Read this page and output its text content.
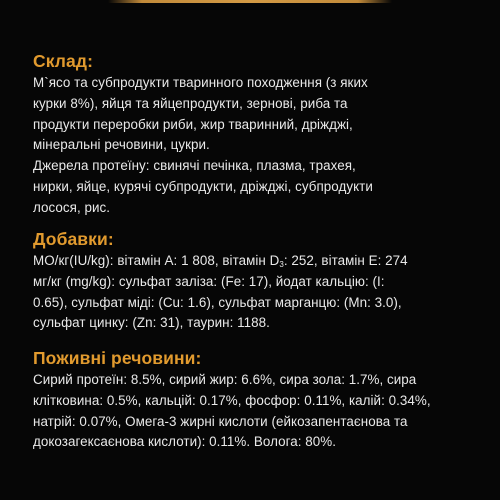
Склад:
М`ясо та субпродукти тваринного походження (з яких
курки 8%), яйця та яйцепродукти, зернові, риба та
продукти переробки риби, жир тваринний, дріжджі,
мінеральні речовини, цукри.
Джерела протеїну: свинячі печінка, плазма, трахея,
нирки, яйце, курячі субпродукти, дріжджі, субпродукти
лосося, рис.
Добавки:
МО/кг(IU/kg): вітамін А: 1 808, вітамін $D_3$: 252, вітамін Е: 274
мг/кг (mg/kg): сульфат заліза: (Fe: 17), йодат кальцію: (I:
0.65), сульфат міді: (Cu: 1.6), сульфат марганцю: (Mn: 3.0),
сульфат цинку: (Zn: 31), таурин: 1188.
Поживні речовини:
Сирий протеїн: 8.5%, сирий жир: 6.6%, сира зола: 1.7%, сира
клітковина: 0.5%, кальцій: 0.17%, фосфор: 0.11%, калій: 0.34%,
натрій: 0.07%, Омега-3 жирні кислоти (ейкозапентаєнова та
докозагексаєнова кислоти): 0.11%. Волога: 80%.
